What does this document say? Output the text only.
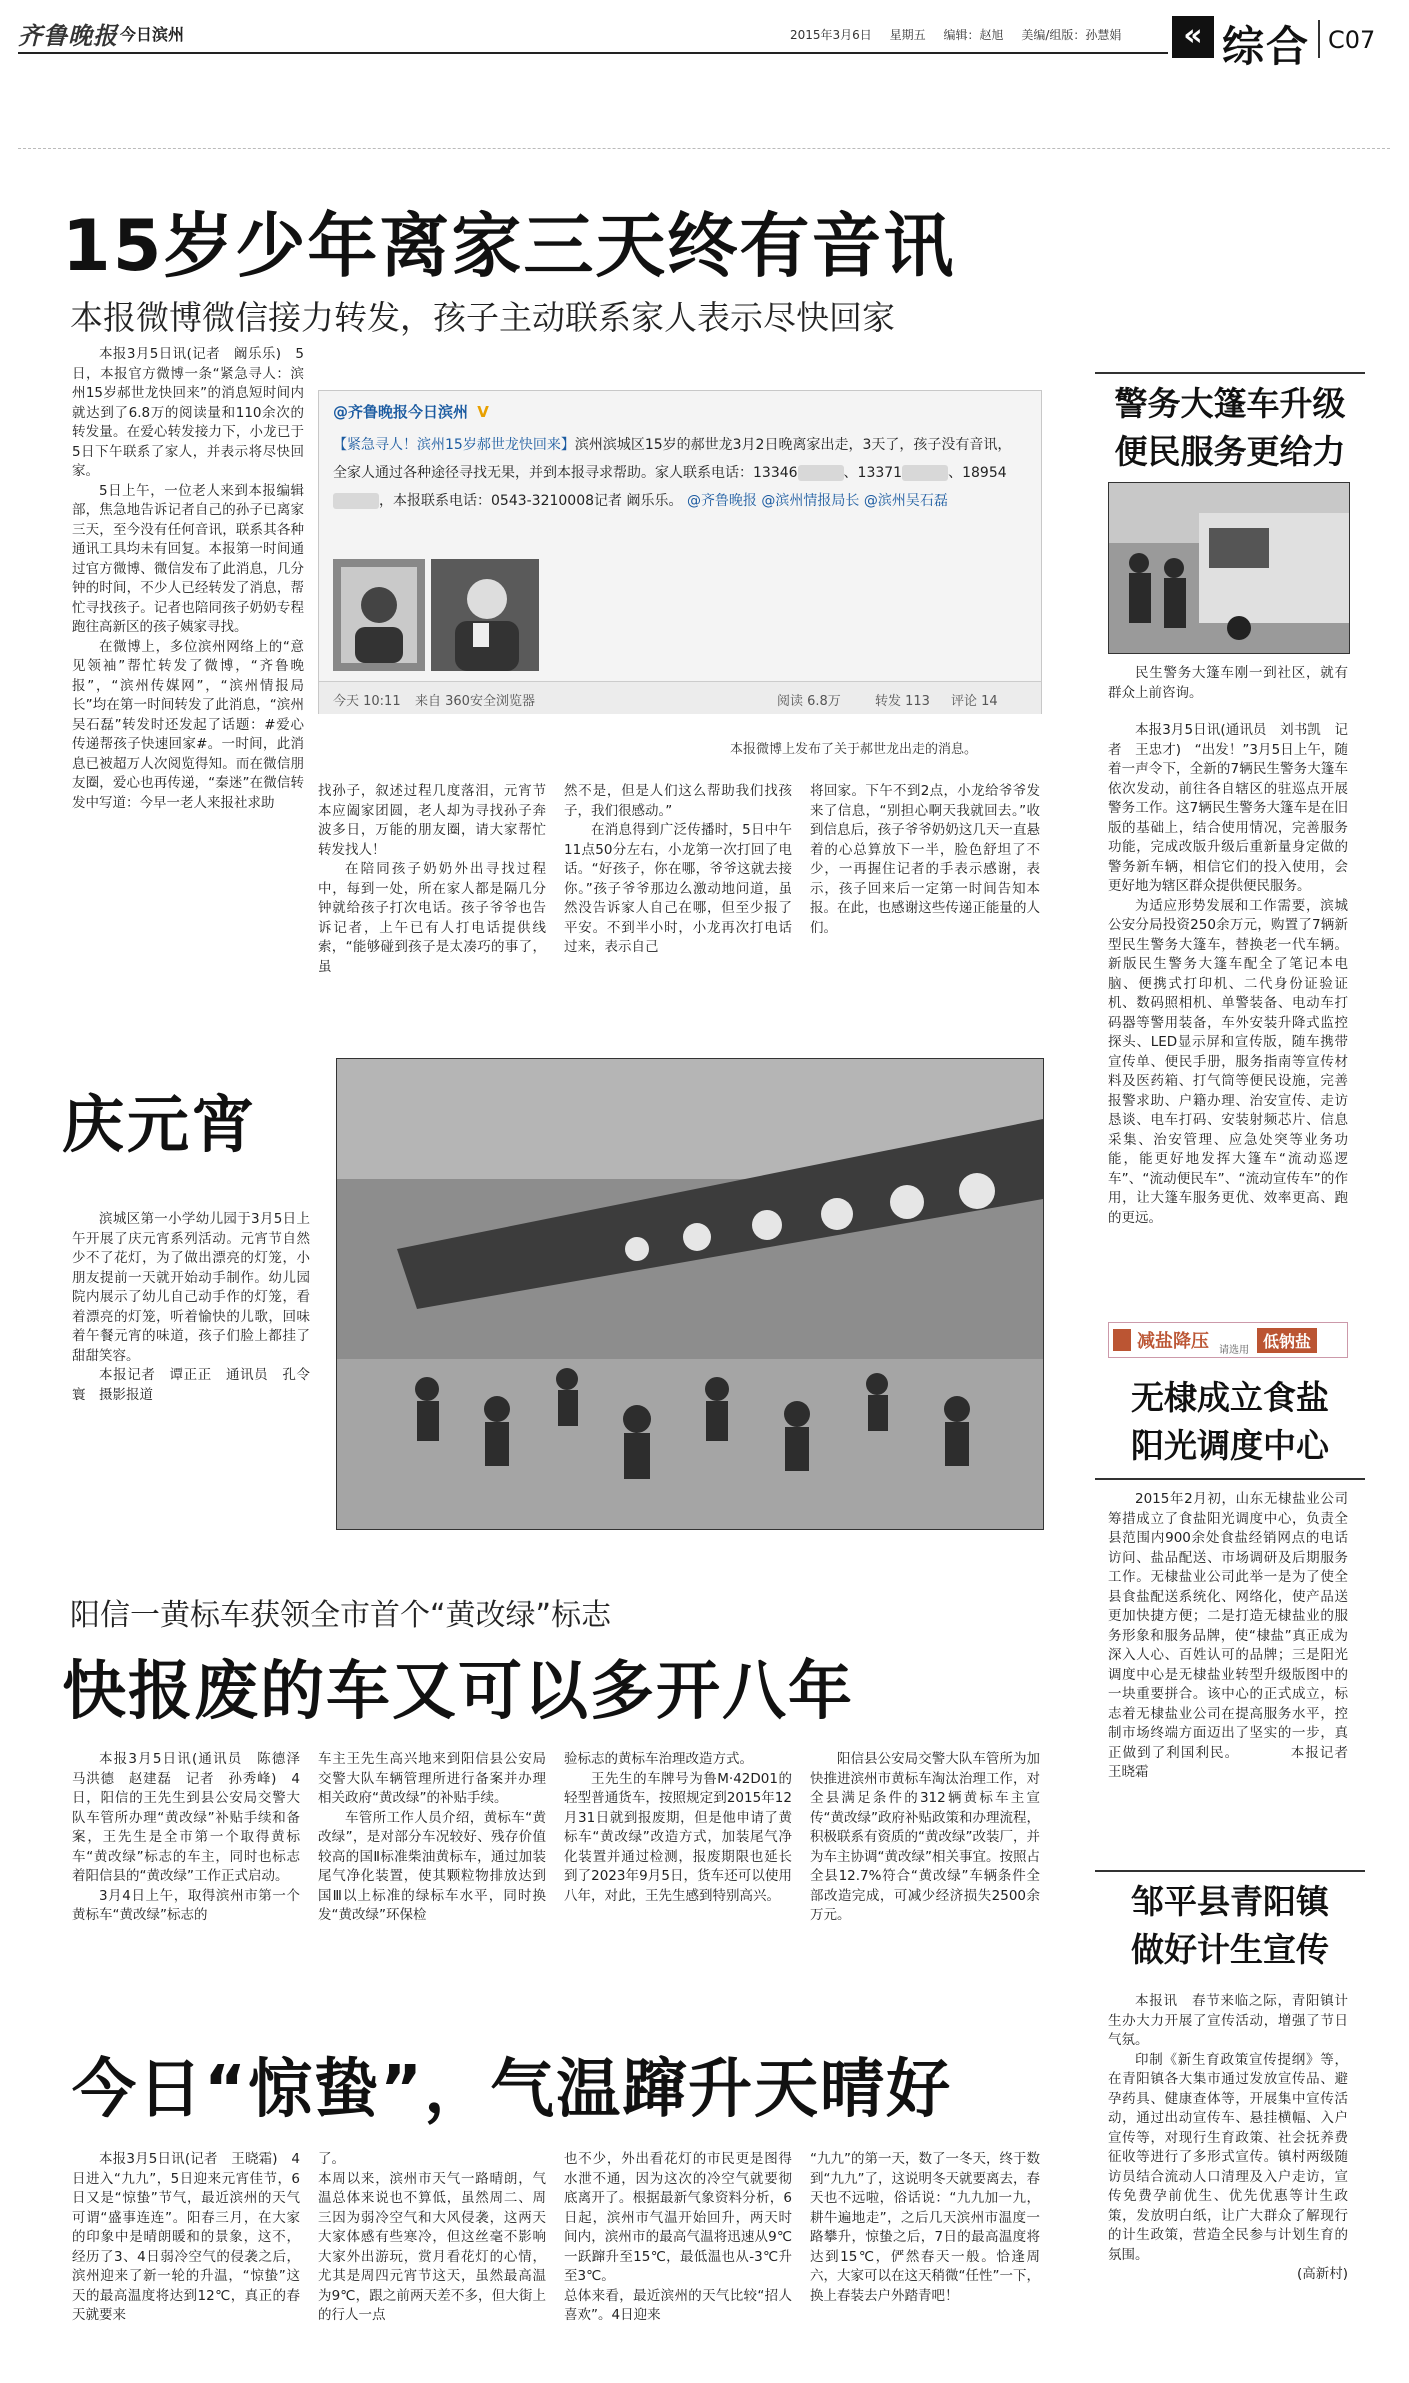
齐鲁晚报 今日滨州	2015年3月6日 星期五 编辑：赵旭 美编/组版：孙慧娟	« 综合 C07
15岁少年离家三天终有音讯
本报微博微信接力转发，孩子主动联系家人表示尽快回家

本报3月5日讯(记者　阚乐乐)　5日，本报官方微博一条“紧急寻人：滨州15岁郝世龙快回来”的消息短时间内就达到了6.8万的阅读量和110余次的转发量。在爱心转发接力下，小龙已于5日下午联系了家人，并表示将尽快回家。

5日上午，一位老人来到本报编辑部，焦急地告诉记者自己的孙子已离家三天，至今没有任何音讯，联系其各种通讯工具均未有回复。本报第一时间通过官方微博、微信发布了此消息，几分钟的时间，不少人已经转发了消息，帮忙寻找孩子。记者也陪同孩子奶奶专程跑往高新区的孩子姨家寻找。

在微博上，多位滨州网络上的“意见领袖”帮忙转发了微博，“齐鲁晚报”，“滨州传媒网”，“滨州情报局长”均在第一时间转发了此消息，“滨州吴石磊”转发时还发起了话题：#爱心传递帮孩子快速回家#。一时间，此消息已被超万人次阅览得知。而在微信朋友圈，爱心也再传递，“秦迷”在微信转发中写道：今早一老人来报社求助

@齐鲁晚报今日滨州 V
【紧急寻人！滨州15岁郝世龙快回来】滨州滨城区15岁的郝世龙3月2日晚离家出走，3天了，孩子没有音讯，全家人通过各种途径寻找无果，并到本报寻求帮助。家人联系电话：13346	、13371	、18954，本报联系电话：0543-3210008记者 阚乐乐。 @齐鲁晚报 @滨州情报局长 @滨州吴石磊
今天 10:11 来自 360安全浏览器	阅读 6.8万	转发 113 评论 14
本报微博上发布了关于郝世龙出走的消息。

找孙子，叙述过程几度落泪，元宵节本应阖家团圆，老人却为寻找孙子奔波多日，万能的朋友圈，请大家帮忙转发找人！

在陪同孩子奶奶外出寻找过程中，每到一处，所在家人都是隔几分钟就给孩子打次电话。孩子爷爷也告诉记者，上午已有人打电话提供线索，“能够碰到孩子是太凑巧的事了，虽

然不是，但是人们这么帮助我们找孩子，我们很感动。”

在消息得到广泛传播时，5日中午11点50分左右，小龙第一次打回了电话。“好孩子，你在哪，爷爷这就去接你。”孩子爷爷那边么激动地问道，虽然没告诉家人自己在哪，但至少报了平安。不到半小时，小龙再次打电话过来，表示自己

将回家。下午不到2点，小龙给爷爷发来了信息，“别担心啊天我就回去。”收到信息后，孩子爷爷奶奶这几天一直悬着的心总算放下一半，脸色舒坦了不少，一再握住记者的手表示感谢，表示，孩子回来后一定第一时间告知本报。在此，也感谢这些传递正能量的人们。

庆元宵

滨城区第一小学幼儿园于3月5日上午开展了庆元宵系列活动。元宵节自然少不了花灯，为了做出漂亮的灯笼，小朋友提前一天就开始动手制作。幼儿园院内展示了幼儿自己动手作的灯笼，看着漂亮的灯笼，听着愉快的儿歌，回味着午餐元宵的味道，孩子们脸上都挂了甜甜笑容。

本报记者　谭正正　通讯员　孔令寰　摄影报道

阳信一黄标车获领全市首个“黄改绿”标志
快报废的车又可以多开八年

本报3月5日讯(通讯员　陈德泽　马洪德　赵建磊　记者　孙秀峰)　4日，阳信的王先生到县公安局交警大队车管所办理“黄改绿”补贴手续和备案，王先生是全市第一个取得黄标车“黄改绿”标志的车主，同时也标志着阳信县的“黄改绿”工作正式启动。

3月4日上午，取得滨州市第一个黄标车“黄改绿”标志的

车主王先生高兴地来到阳信县公安局交警大队车辆管理所进行备案并办理相关政府“黄改绿”的补贴手续。

车管所工作人员介绍，黄标车“黄改绿”，是对部分车况较好、残存价值较高的国Ⅱ标准柴油黄标车，通过加装尾气净化装置，使其颗粒物排放达到国Ⅲ以上标准的绿标车水平，同时换发“黄改绿”环保检

验标志的黄标车治理改造方式。

王先生的车牌号为鲁M·42D01的轻型普通货车，按照规定到2015年12月31日就到报废期，但是他申请了黄标车“黄改绿”改造方式，加装尾气净化装置并通过检测，报废期限也延长到了2023年9月5日，货车还可以使用八年，对此，王先生感到特别高兴。

阳信县公安局交警大队车管所为加快推进滨州市黄标车淘汰治理工作，对全县满足条件的312辆黄标车主宣传“黄改绿”政府补贴政策和办理流程，积极联系有资质的“黄改绿”改装厂，并为车主协调“黄改绿”相关事宜。按照占全县12.7%符合“黄改绿”车辆条件全部改造完成，可减少经济损失2500余万元。

今日“惊蛰”，气温蹿升天晴好

本报3月5日讯(记者　王晓霜)　4日进入“九九”，5日迎来元宵佳节，6日又是“惊蛰”节气，最近滨州的天气可谓“盛事连连”。阳春三月，在大家的印象中是晴朗暖和的景象，这不，经历了3、4日弱冷空气的侵袭之后，滨州迎来了新一轮的升温，“惊蛰”这天的最高温度将达到12℃，真正的春天就要来

了。
本周以来，滨州市天气一路晴朗，气温总体来说也不算低，虽然周二、周三因为弱冷空气和大风侵袭，这两天大家体感有些寒冷，但这丝毫不影响大家外出游玩，赏月看花灯的心情，尤其是周四元宵节这天，虽然最高温为9℃，跟之前两天差不多，但大街上的行人一点

也不少，外出看花灯的市民更是图得水泄不通，因为这次的冷空气就要彻底离开了。根据最新气象资料分析，6日起，滨州市气温开始回升，两天时间内，滨州市的最高气温将迅速从9℃一跃蹿升至15℃，最低温也从-3℃升至3℃。
总体来看，最近滨州的天气比较“招人喜欢”。4日迎来

“九九”的第一天，数了一冬天，终于数到“九九”了，这说明冬天就要离去，春天也不远啦，俗话说：“九九加一九，耕牛遍地走”，之后几天滨州市温度一路攀升，惊蛰之后，7日的最高温度将达到15℃，俨然春天一般。恰逢周六，大家可以在这天稍微“任性”一下，换上春装去户外踏青吧！

警务大篷车升级
便民服务更给力

民生警务大篷车刚一到社区，就有群众上前咨询。

本报3月5日讯(通讯员　刘书凯　记者　王忠才)　“出发！”3月5日上午，随着一声令下，全新的7辆民生警务大篷车依次发动，前往各自辖区的驻巡点开展警务工作。这7辆民生警务大篷车是在旧版的基础上，结合使用情况，完善服务功能，完成改版升级后重新量身定做的警务新车辆，相信它们的投入使用，会更好地为辖区群众提供便民服务。

为适应形势发展和工作需要，滨城公安分局投资250余万元，购置了7辆新型民生警务大篷车，替换老一代车辆。新版民生警务大篷车配全了笔记本电脑、便携式打印机、二代身份证验证机、数码照相机、单警装备、电动车打码器等警用装备，车外安装升降式监控探头、LED显示屏和宣传版，随车携带宣传单、便民手册，服务指南等宣传材料及医药箱、打气筒等便民设施，完善报警求助、户籍办理、治安宣传、走访恳谈、电车打码、安装射频芯片、信息采集、治安管理、应急处突等业务功能，能更好地发挥大篷车“流动巡逻车”、“流动便民车”、“流动宣传车”的作用，让大篷车服务更优、效率更高、跑的更远。

减盐降压 请选用 低钠盐
无棣成立食盐
阳光调度中心

2015年2月初，山东无棣盐业公司筹措成立了食盐阳光调度中心，负责全县范围内900余处食盐经销网点的电话访问、盐品配送、市场调研及后期服务工作。无棣盐业公司此举一是为了使全县食盐配送系统化、网络化，使产品送更加快捷方便；二是打造无棣盐业的服务形象和服务品牌，使“棣盐”真正成为深入人心、百姓认可的品牌；三是阳光调度中心是无棣盐业转型升级版图中的一块重要拼合。该中心的正式成立，标志着无棣盐业公司在提高服务水平，控制市场终端方面迈出了坚实的一步，真正做到了利国利民。　　　　本报记者　王晓霜

邹平县青阳镇
做好计生宣传

本报讯　春节来临之际，青阳镇计生办大力开展了宣传活动，增强了节日气氛。

印制《新生育政策宣传提纲》等，在青阳镇各大集市通过发放宣传品、避孕药具、健康查体等，开展集中宣传活动，通过出动宣传车、悬挂横幅、入户宣传等，对现行生育政策、社会抚养费征收等进行了多形式宣传。镇村两级随访员结合流动人口清理及入户走访，宣传免费孕前优生、优先优惠等计生政策，发放明白纸，让广大群众了解现行的计生政策，营造全民参与计划生育的氛围。

(高新村)
